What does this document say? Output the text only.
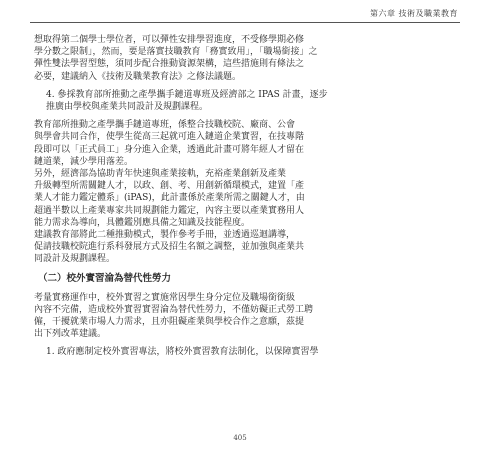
第六章 技術及職業教育
想取得第二個學士學位者，可以彈性安排學習進度，不受修學期必修
學分數之限制」，然而，要是落實技職教育「務實致用」，「職場銜接」之
彈性雙法學習型態，須同步配合推動資源架構，這些措施則有條法之
必要，建議納入《技術及職業教育法》之修法議題。
4. 參採教育部所推動之產學攜手鏈道專班及經濟部之 IPAS 計畫，逐步
推廣由學校與產業共同設計及規劃課程。
教育部所推動之產學攜手鏈道專班，係整合技職校院、廠商、公會
與學會共同合作，使學生從高三起就可進入鏈道企業實習，在技專階
段即可以「正式員工」身分進入企業，透過此計畫可將年經人才留在
鏈道業，減少學用落差。
另外，經濟部為協助青年快速與產業接軌，充裕產業創新及產業
升級轉型所需關鍵人才，以政、創、考、用創新循環模式，建置「產
業人才能力鑑定體系」(iPAS)，此計畫係於產業所需之關鍵人才，由
超過半數以上產業專家共同規劃能力鑑定，內容主要以產業實務用人
能力需求為導向，具體鑑別應具備之知識及技能程度。
建議教育部將此二種推動模式，製作參考手冊，並透過巡迴講導，
促請技職校院進行系科發展方式及招生名額之調整，並加強與產業共
同設計及規劃課程。
（二）校外實習淪為替代性勞力
考量實務運作中，校外實習之實施常因學生身分定位及職場銜銜級
內容不完備，造成校外實習實習淪為替代性勞力，不僅妨礙正式勞工聘
僱，干擾就業市場人力需求，且亦阻礙產業與學校合作之意願，茲提
出下列改革建議。
1. 政府應制定校外實習專法，將校外實習教育法制化，以保障實習學
405
